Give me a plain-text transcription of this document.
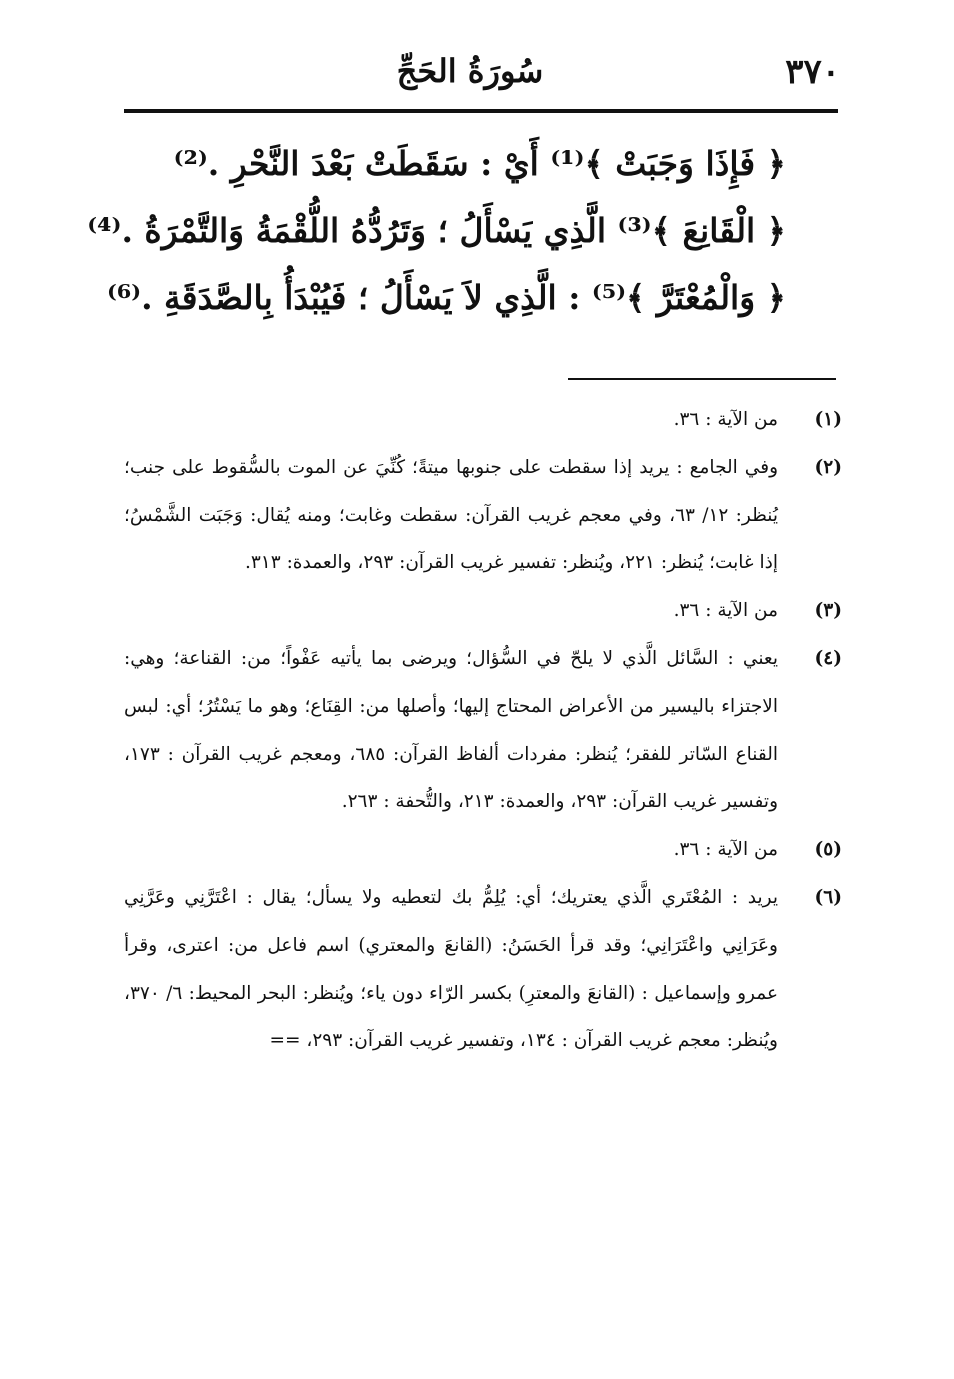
٣٧٠
سُورَةُ الحَجِّ
﴿ فَإِذَا وَجَبَتْ ﴾⁽¹⁾ أَيْ : سَقَطَتْ بَعْدَ النَّحْرِ .⁽²⁾
﴿ الْقَانِعَ ﴾⁽³⁾ الَّذِي يَسْأَلُ ؛ وَتَرُدُّهُ اللُّقْمَةُ وَالتَّمْرَةُ .⁽⁴⁾
﴿ وَالْمُعْتَرَّ ﴾⁽⁵⁾ : الَّذِي لاَ يَسْأَلُ ؛ فَيُبْدَأُ بِالصَّدَقَةِ .⁽⁶⁾
(١)
من الآية : ٣٦.
(٢)
وفي الجامع : يريد إذا سقطت على جنوبها ميتةً؛ كُنِّيَ عن الموت بالسُّقوط على جنب؛ يُنظر: ١٢/ ٦٣، وفي معجم غريب القرآن: سقطت وغابت؛ ومنه يُقال: وَجَبَت الشَّمْسُ؛ إذا غابت؛ يُنظر: ٢٢١، ويُنظر: تفسير غريب القرآن: ٢٩٣، والعمدة: ٣١٣.
(٣)
من الآية : ٣٦.
(٤)
يعني : السَّائل الَّذي لا يلحّ في السُّؤال؛ ويرضى بما يأتيه عَفْواً؛ من: القناعة؛ وهي: الاجتزاء باليسير من الأعراض المحتاج إليها؛ وأصلها من: القِنَاع؛ وهو ما يَسْتُرُ؛ أي: لبس القناع السّاتر للفقر؛ يُنظر: مفردات ألفاظ القرآن: ٦٨٥، ومعجم غريب القرآن : ١٧٣، وتفسير غريب القرآن: ٢٩٣، والعمدة: ٢١٣، والتُّحفة : ٢٦٣.
(٥)
من الآية : ٣٦.
(٦)
يريد : المُعْتَري الَّذي يعتريك؛ أي: يُلِمُّ بك لتعطيه ولا يسأل؛ يقال : اعْتَرَّنِي وعَرَّنِي وعَرَانِي واعْتَرَانِي؛ وقد قرأ الحَسَنُ: (القانعَ والمعتري) اسم فاعل من: اعترى، وقرأ عمرو وإسماعيل : (القانعَ والمعترِ) بكسر الرّاء دون ياء؛ ويُنظر: البحر المحيط: ٦/ ٣٧٠، ويُنظر: معجم غريب القرآن : ١٣٤، وتفسير غريب القرآن: ٢٩٣، ==
